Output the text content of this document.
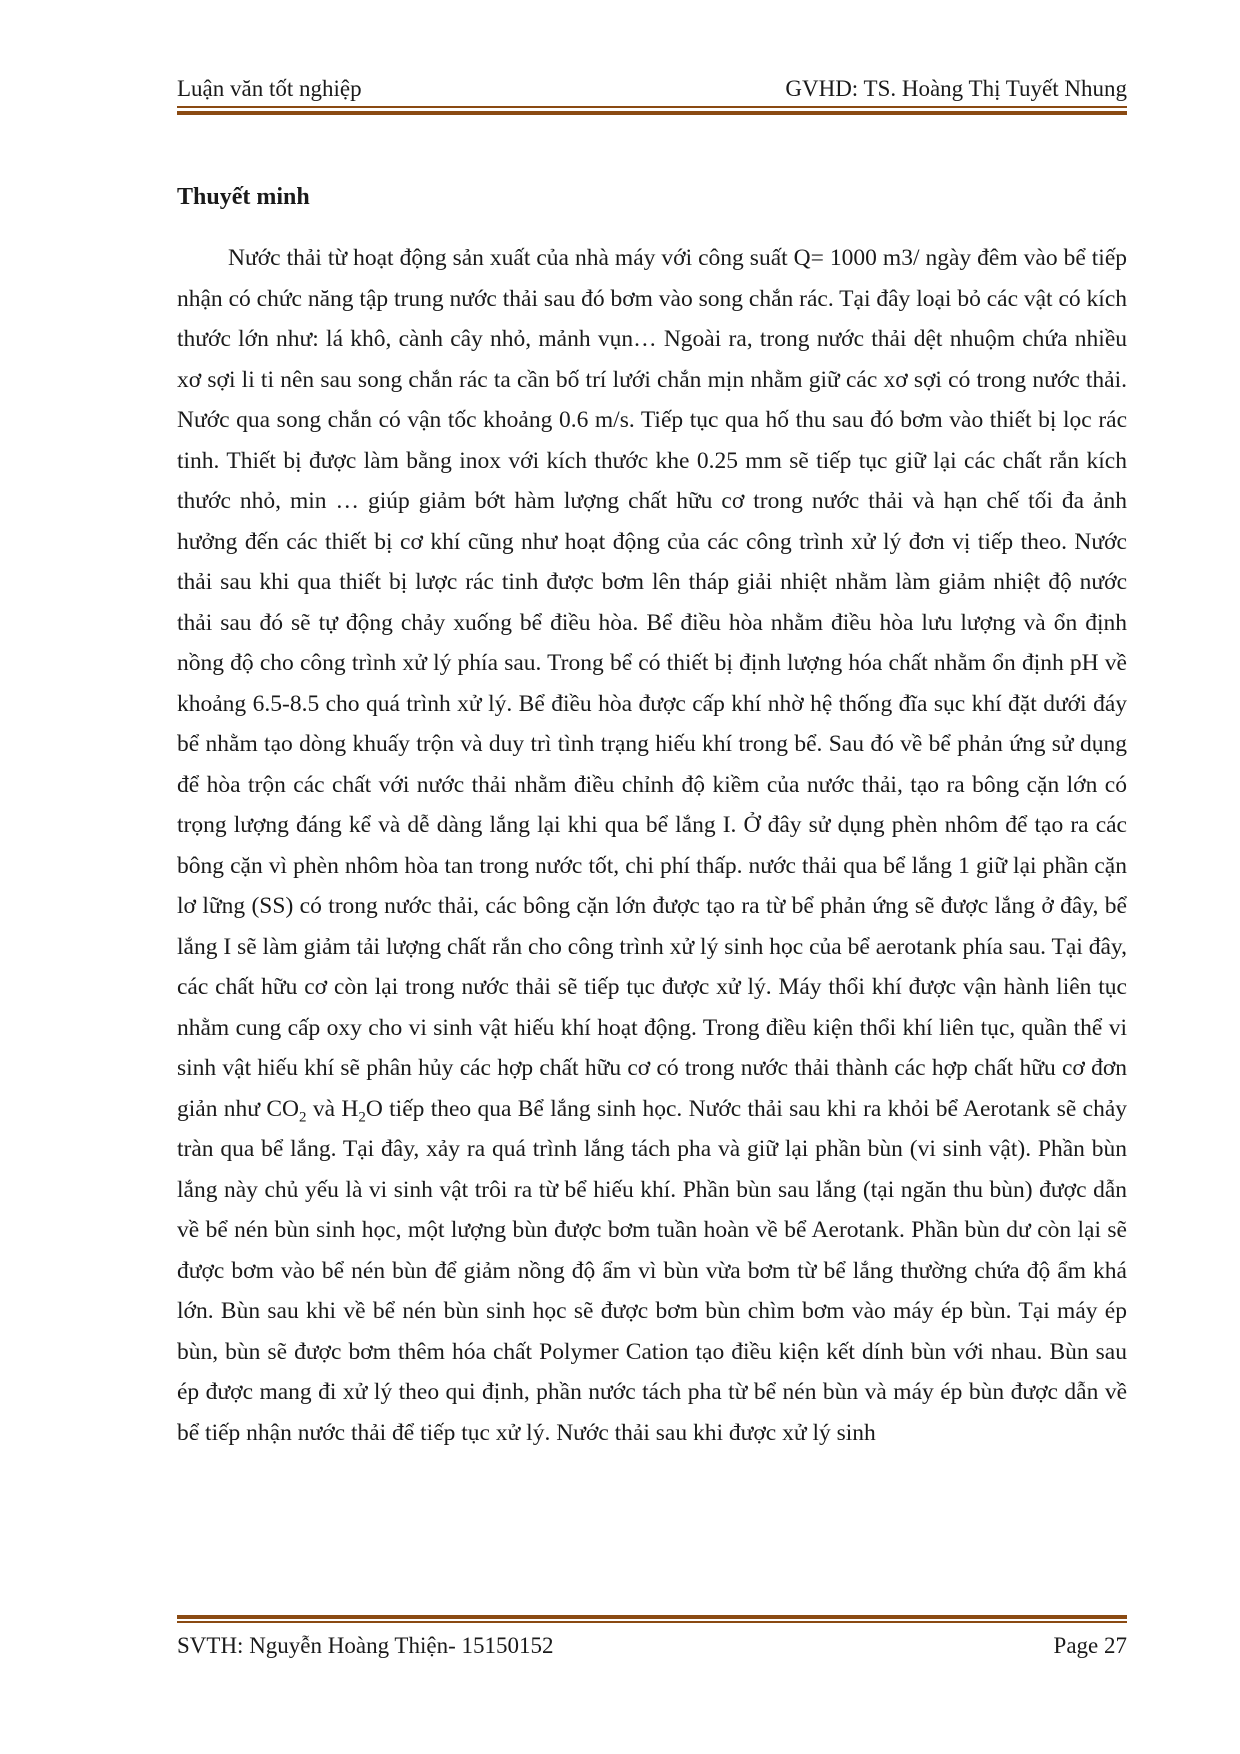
Luận văn tốt nghiệp	GVHD: TS. Hoàng Thị Tuyết Nhung
Thuyết minh

Nước thải từ hoạt động sản xuất của nhà máy với công suất Q= 1000 m3/ ngày đêm vào bể tiếp nhận có chức năng tập trung nước thải sau đó bơm vào song chắn rác. Tại đây loại bỏ các vật có kích thước lớn như: lá khô, cành cây nhỏ, mảnh vụn… Ngoài ra, trong nước thải dệt nhuộm chứa nhiều xơ sợi li ti nên sau song chắn rác ta cần bố trí lưới chắn mịn nhằm giữ các xơ sợi có trong nước thải. Nước qua song chắn có vận tốc khoảng 0.6 m/s. Tiếp tục qua hố thu sau đó bơm vào thiết bị lọc rác tinh. Thiết bị được làm bằng inox với kích thước khe 0.25 mm sẽ tiếp tục giữ lại các chất rắn kích thước nhỏ, min … giúp giảm bớt hàm lượng chất hữu cơ trong nước thải và hạn chế tối đa ảnh hưởng đến các thiết bị cơ khí cũng như hoạt động của các công trình xử lý đơn vị tiếp theo. Nước thải sau khi qua thiết bị lược rác tinh được bơm lên tháp giải nhiệt nhằm làm giảm nhiệt độ nước thải sau đó sẽ tự động chảy xuống bể điều hòa. Bể điều hòa nhằm điều hòa lưu lượng và ổn định nồng độ cho công trình xử lý phía sau. Trong bể có thiết bị định lượng hóa chất nhằm ổn định pH về khoảng 6.5-8.5 cho quá trình xử lý. Bể điều hòa được cấp khí nhờ hệ thống đĩa sục khí đặt dưới đáy bể nhằm tạo dòng khuấy trộn và duy trì tình trạng hiếu khí trong bể. Sau đó về bể phản ứng sử dụng để hòa trộn các chất với nước thải nhằm điều chỉnh độ kiềm của nước thải, tạo ra bông cặn lớn có trọng lượng đáng kể và dễ dàng lắng lại khi qua bể lắng I. Ở đây sử dụng phèn nhôm để tạo ra các bông cặn vì phèn nhôm hòa tan trong nước tốt, chi phí thấp. nước thải qua bể lắng 1 giữ lại phần cặn lơ lững (SS) có trong nước thải, các bông cặn lớn được tạo ra từ bể phản ứng sẽ được lắng ở đây, bể lắng I sẽ làm giảm tải lượng chất rắn cho công trình xử lý sinh học của bể aerotank phía sau. Tại đây, các chất hữu cơ còn lại trong nước thải sẽ tiếp tục được xử lý. Máy thổi khí được vận hành liên tục nhằm cung cấp oxy cho vi sinh vật hiếu khí hoạt động. Trong điều kiện thổi khí liên tục, quần thể vi sinh vật hiếu khí sẽ phân hủy các hợp chất hữu cơ có trong nước thải thành các hợp chất hữu cơ đơn giản như $CO_2$ và $H_2O$ tiếp theo qua Bể lắng sinh học. Nước thải sau khi ra khỏi bể Aerotank sẽ chảy tràn qua bể lắng. Tại đây, xảy ra quá trình lắng tách pha và giữ lại phần bùn (vi sinh vật). Phần bùn lắng này chủ yếu là vi sinh vật trôi ra từ bể hiếu khí. Phần bùn sau lắng (tại ngăn thu bùn) được dẫn về bể nén bùn sinh học, một lượng bùn được bơm tuần hoàn về bể Aerotank. Phần bùn dư còn lại sẽ được bơm vào bể nén bùn để giảm nồng độ ẩm vì bùn vừa bơm từ bể lắng thường chứa độ ẩm khá lớn. Bùn sau khi về bể nén bùn sinh học sẽ được bơm bùn chìm bơm vào máy ép bùn. Tại máy ép bùn, bùn sẽ được bơm thêm hóa chất Polymer Cation tạo điều kiện kết dính bùn với nhau. Bùn sau ép được mang đi xử lý theo qui định, phần nước tách pha từ bể nén bùn và máy ép bùn được dẫn về bể tiếp nhận nước thải để tiếp tục xử lý. Nước thải sau khi được xử lý sinh

SVTH: Nguyễn Hoàng Thiện- 15150152	Page 27
